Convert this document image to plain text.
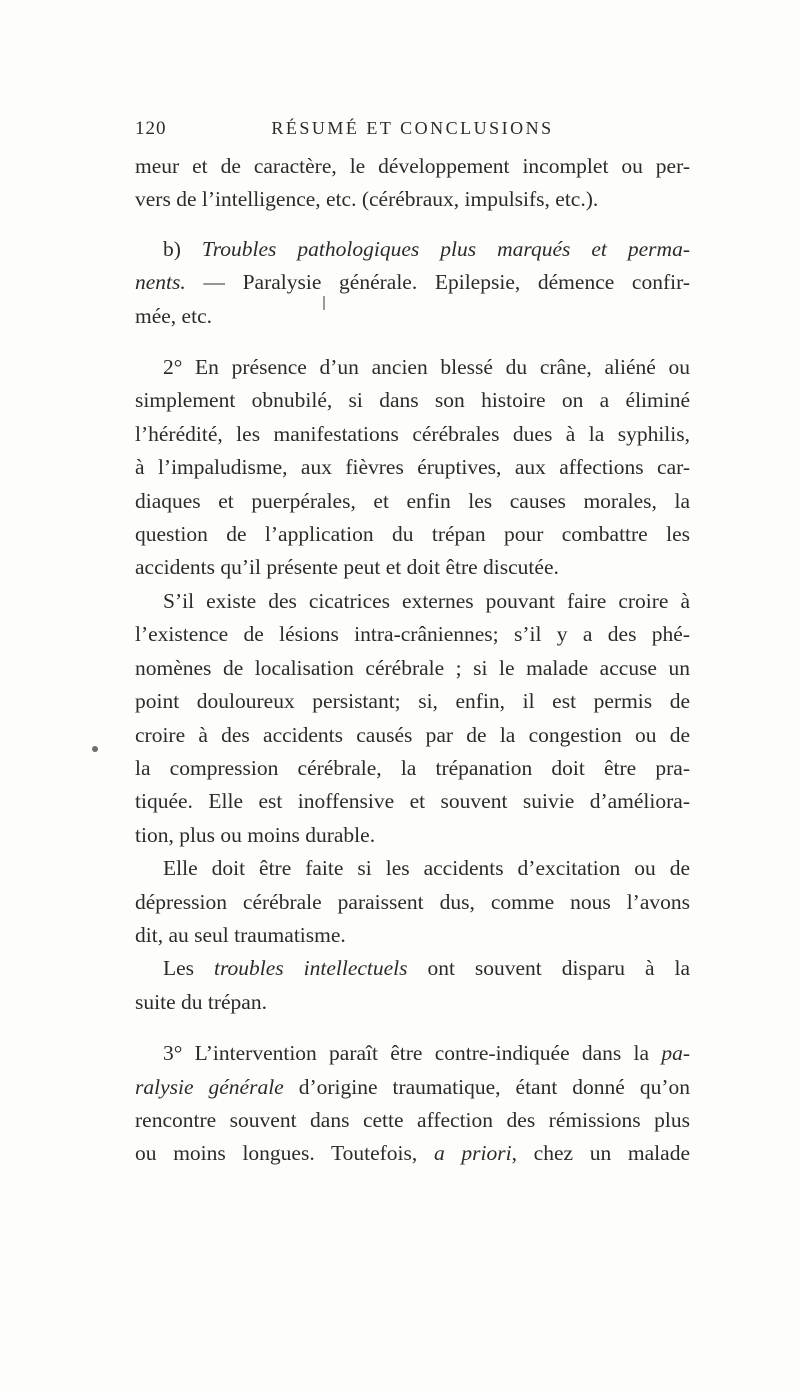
120	RÉSUMÉ ET CONCLUSIONS

meur et de caractère, le développement incomplet ou per-
vers de l’intelligence, etc. (cérébraux, impulsifs, etc.).

b) Troubles pathologiques plus marqués et perma-
nents. — Paralysie générale. Epilepsie, démence confir-
mée, etc.

2° En présence d’un ancien blessé du crâne, aliéné ou
simplement obnubilé, si dans son histoire on a éliminé
l’hérédité, les manifestations cérébrales dues à la syphilis,
à l’impaludisme, aux fièvres éruptives, aux affections car-
diaques et puerpérales, et enfin les causes morales, la
question de l’application du trépan pour combattre les
accidents qu’il présente peut et doit être discutée.

S’il existe des cicatrices externes pouvant faire croire à
l’existence de lésions intra-crâniennes; s’il y a des phé-
nomènes de localisation cérébrale ; si le malade accuse un
point douloureux persistant; si, enfin, il est permis de
croire à des accidents causés par de la congestion ou de
la compression cérébrale, la trépanation doit être pra-
tiquée. Elle est inoffensive et souvent suivie d’améliora-
tion, plus ou moins durable.

Elle doit être faite si les accidents d’excitation ou de
dépression cérébrale paraissent dus, comme nous l’avons
dit, au seul traumatisme.

Les troubles intellectuels ont souvent disparu à la
suite du trépan.

3° L’intervention paraît être contre-indiquée dans la pa-
ralysie générale d’origine traumatique, étant donné qu’on
rencontre souvent dans cette affection des rémissions plus
ou moins longues. Toutefois, a priori, chez un malade
